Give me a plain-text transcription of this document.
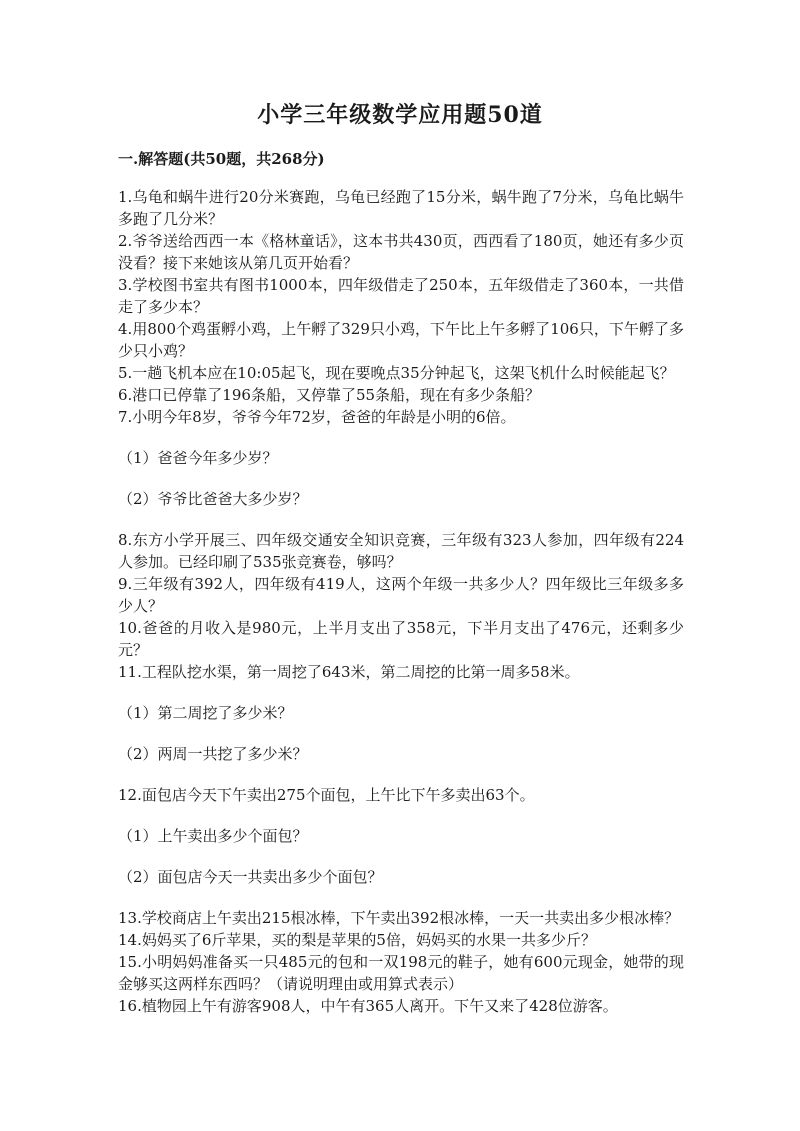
小学三年级数学应用题50道
一.解答题(共50题，共268分)

1.乌龟和蜗牛进行20分米赛跑，乌龟已经跑了15分米，蜗牛跑了7分米，乌龟比蜗牛多跑了几分米？

2.爷爷送给西西一本《格林童话》，这本书共430页，西西看了180页，她还有多少页没看？接下来她该从第几页开始看？

3.学校图书室共有图书1000本，四年级借走了250本，五年级借走了360本，一共借走了多少本？

4.用800个鸡蛋孵小鸡，上午孵了329只小鸡，下午比上午多孵了106只，下午孵了多少只小鸡？

5.一趟飞机本应在10:05起飞，现在要晚点35分钟起飞，这架飞机什么时候能起飞？

6.港口已停靠了196条船，又停靠了55条船，现在有多少条船？

7.小明今年8岁，爷爷今年72岁，爸爸的年龄是小明的6倍。

（1）爸爸今年多少岁？

（2）爷爷比爸爸大多少岁？

8.东方小学开展三、四年级交通安全知识竞赛，三年级有323人参加，四年级有224人参加。已经印刷了535张竞赛卷，够吗？

9.三年级有392人，四年级有419人，这两个年级一共多少人？四年级比三年级多多少人？

10.爸爸的月收入是980元，上半月支出了358元，下半月支出了476元，还剩多少元？

11.工程队挖水渠，第一周挖了643米，第二周挖的比第一周多58米。

（1）第二周挖了多少米？

（2）两周一共挖了多少米？

12.面包店今天下午卖出275个面包，上午比下午多卖出63个。

（1）上午卖出多少个面包？

（2）面包店今天一共卖出多少个面包？

13.学校商店上午卖出215根冰棒，下午卖出392根冰棒，一天一共卖出多少根冰棒？

14.妈妈买了6斤苹果，买的梨是苹果的5倍，妈妈买的水果一共多少斤？

15.小明妈妈准备买一只485元的包和一双198元的鞋子，她有600元现金，她带的现金够买这两样东西吗？（请说明理由或用算式表示）

16.植物园上午有游客908人，中午有365人离开。下午又来了428位游客。
